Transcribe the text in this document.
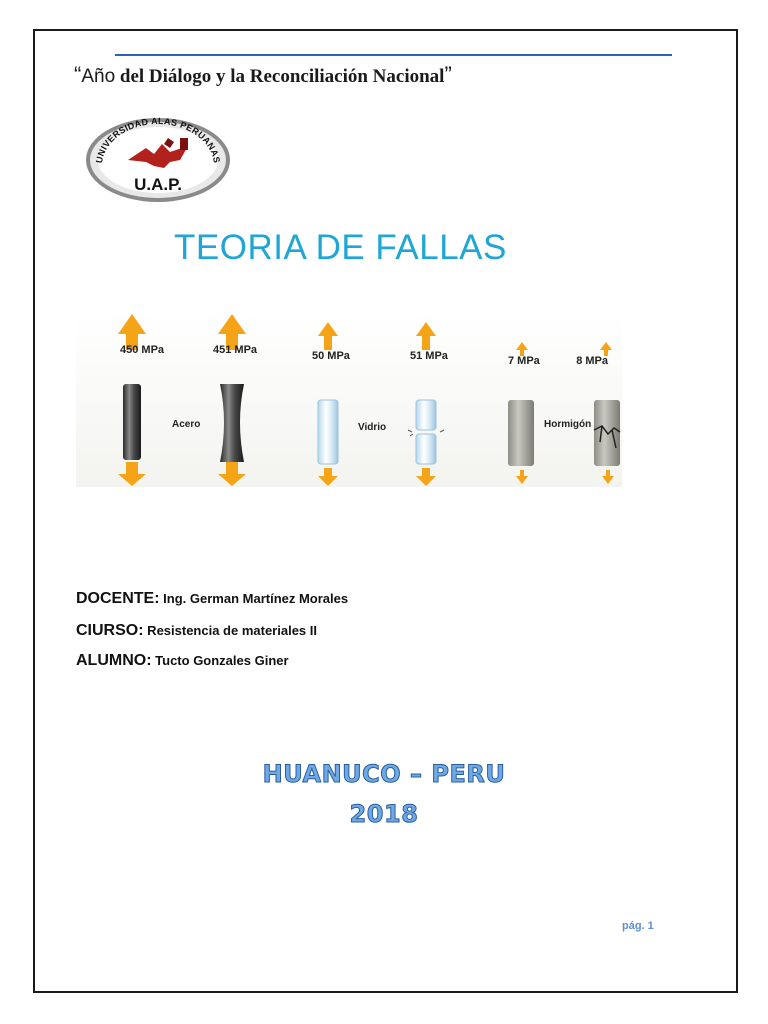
“Año del Diálogo y la Reconciliación Nacional”
UNIVERSIDAD ALAS PERUANAS
U.A.P.
TEORIA DE FALLAS
450 MPa	451 MPa
Acero
50 MPa	51 MPa
Vidrio
7 MPa	8 MPa
Hormigón
DOCENTE: Ing. German Martínez Morales
CIURSO: Resistencia de materiales II
ALUMNO: Tucto Gonzales Giner
HUANUCO – PERU
2018
pág. 1
